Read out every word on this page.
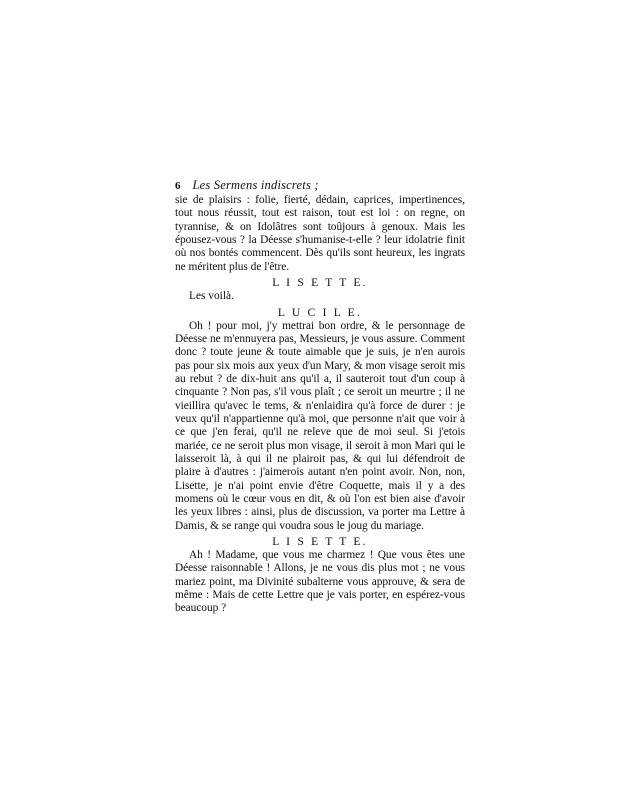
6 Les Sermens indiscrets ;

sie de plaisirs : folie, fierté, dédain, caprices, impertinences, tout nous réussit, tout est raison, tout est loi : on regne, on tyrannise, & on Idolâtres sont toûjours à genoux. Mais les épousez-vous ? la Déesse s'humanise-t-elle ? leur idolatrie finit où nos bontés commencent. Dès qu'ils sont heureux, les ingrats ne méritent plus de l'être.

L I S E T T E.

Les voilà.

L U C I L E.

Oh ! pour moi, j'y mettrai bon ordre, & le personnage de Déesse ne m'ennuyera pas, Messieurs, je vous assure. Comment donc ? toute jeune & toute aimable que je suis, je n'en aurois pas pour six mois aux yeux d'un Mary, & mon visage seroit mis au rebut ? de dix-huit ans qu'il a, il sauteroit tout d'un coup à cinquante ? Non pas, s'il vous plaît ; ce seroit un meurtre ; il ne vieillira qu'avec le tems, & n'enlaidira qu'à force de durer : je veux qu'il n'appartienne qu'à moi, que personne n'ait que voir à ce que j'en ferai, qu'il ne releve que de moi seul. Si j'etois mariée, ce ne seroit plus mon visage, il seroit à mon Mari qui le laisseroit là, à qui il ne plairoit pas, & qui lui défendroit de plaire à d'autres : j'aimerois autant n'en point avoir. Non, non, Lisette, je n'ai point envie d'être Coquette, mais il y a des momens où le cœur vous en dit, & où l'on est bien aise d'avoir les yeux libres : ainsi, plus de discussion, va porter ma Lettre à Damis, & se range qui voudra sous le joug du mariage.

L I S E T T E.

Ah ! Madame, que vous me charmez ! Que vous êtes une Déesse raisonnable ! Allons, je ne vous dis plus mot ; ne vous mariez point, ma Divinité subalterne vous approuve, & sera de même : Mais de cette Lettre que je vais porter, en espérez-vous beaucoup ?
